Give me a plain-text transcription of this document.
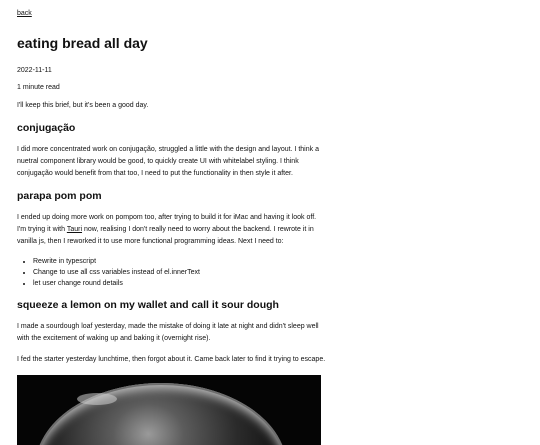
back
eating bread all day
2022-11-11
1 minute read

I'll keep this brief, but it's been a good day.

conjugação

I did more concentrated work on conjugação, struggled a little with the design and layout. I think a nuetral component library would be good, to quickly create UI with whitelabel styling. I think conjugação would benefit from that too, I need to put the functionality in then style it after.

parapa pom pom

I ended up doing more work on pompom too, after trying to build it for iMac and having it look off. I'm trying it with Tauri now, realising I don't really need to worry about the backend. I rewrote it in vanilla js, then I reworked it to use more functional programming ideas. Next I need to:

• Rewrite in typescript
• Change to use all css variables instead of el.innerText
• let user change round details
squeeze a lemon on my wallet and call it sour dough

I made a sourdough loaf yesterday, made the mistake of doing it late at night and didn't sleep well with the excitement of waking up and baking it (overnight rise).

I fed the starter yesterday lunchtime, then forgot about it. Came back later to find it trying to escape.
